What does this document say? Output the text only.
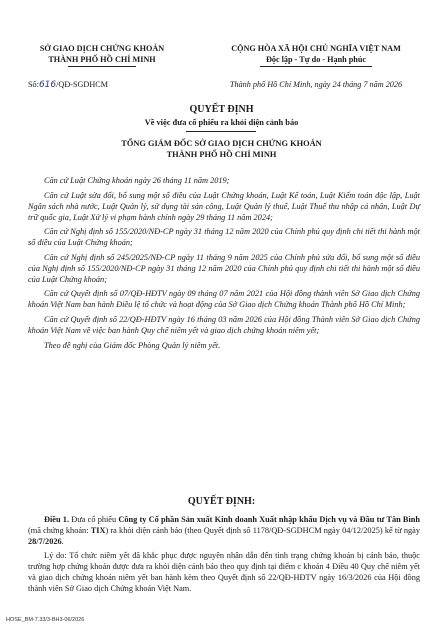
SỞ GIAO DỊCH CHỨNG KHOÁN
THÀNH PHỐ HỒ CHÍ MINH
CỘNG HÒA XÃ HỘI CHỦ NGHĨA VIỆT NAM
Độc lập - Tự do - Hạnh phúc
Số:616/QĐ-SGDHCM	Thành phố Hồ Chí Minh, ngày 24 tháng 7 năm 2026
QUYẾT ĐỊNH
Về việc đưa cổ phiếu ra khỏi diện cảnh báo
TỔNG GIÁM ĐỐC SỞ GIAO DỊCH CHỨNG KHOÁN
THÀNH PHỐ HỒ CHÍ MINH

Căn cứ Luật Chứng khoán ngày 26 tháng 11 năm 2019;

Căn cứ Luật sửa đổi, bổ sung một số điều của Luật Chứng khoán, Luật Kế toán, Luật Kiểm toán độc lập, Luật Ngân sách nhà nước, Luật Quản lý, sử dụng tài sản công, Luật Quản lý thuế, Luật Thuế thu nhập cá nhân, Luật Dự trữ quốc gia, Luật Xử lý vi phạm hành chính ngày 29 tháng 11 năm 2024;

Căn cứ Nghị định số 155/2020/NĐ-CP ngày 31 tháng 12 năm 2020 của Chính phủ quy định chi tiết thi hành một số điều của Luật Chứng khoán;

Căn cứ Nghị định số 245/2025/NĐ-CP ngày 11 tháng 9 năm 2025 của Chính phủ sửa đổi, bổ sung một số điều của Nghị định số 155/2020/NĐ-CP ngày 31 tháng 12 năm 2020 của Chính phủ quy định chi tiết thi hành một số điều của Luật Chứng khoán;

Căn cứ Quyết định số 07/QĐ-HĐTV ngày 09 tháng 07 năm 2021 của Hội đồng thành viên Sở Giao dịch Chứng khoán Việt Nam ban hành Điều lệ tổ chức và hoạt động của Sở Giao dịch Chứng khoán Thành phố Hồ Chí Minh;

Căn cứ Quyết định số 22/QĐ-HĐTV ngày 16 tháng 03 năm 2026 của Hội đồng Thành viên Sở Giao dịch Chứng khoán Việt Nam về việc ban hành Quy chế niêm yết và giao dịch chứng khoán niêm yết;

Theo đề nghị của Giám đốc Phòng Quản lý niêm yết.

QUYẾT ĐỊNH:

Điều 1. Đưa cổ phiếu Công ty Cổ phần Sản xuất Kinh doanh Xuất nhập khẩu Dịch vụ và Đầu tư Tân Bình (mã chứng khoán: TIX) ra khỏi diện cảnh báo (theo Quyết định số 1178/QĐ-SGDHCM ngày 04/12/2025) kể từ ngày 28/7/2026.

Lý do: Tổ chức niêm yết đã khắc phục được nguyên nhân dẫn đến tình trạng chứng khoán bị cảnh báo, thuộc trường hợp chứng khoán được đưa ra khỏi diện cảnh báo theo quy định tại điểm c khoản 4 Điều 40 Quy chế niêm yết và giao dịch chứng khoán niêm yết ban hành kèm theo Quyết định số 22/QĐ-HĐTV ngày 16/3/2026 của Hội đồng thành viên Sở Giao dịch Chứng khoán Việt Nam.

HOSE_BM-7.33/3-BH3-06/2026
